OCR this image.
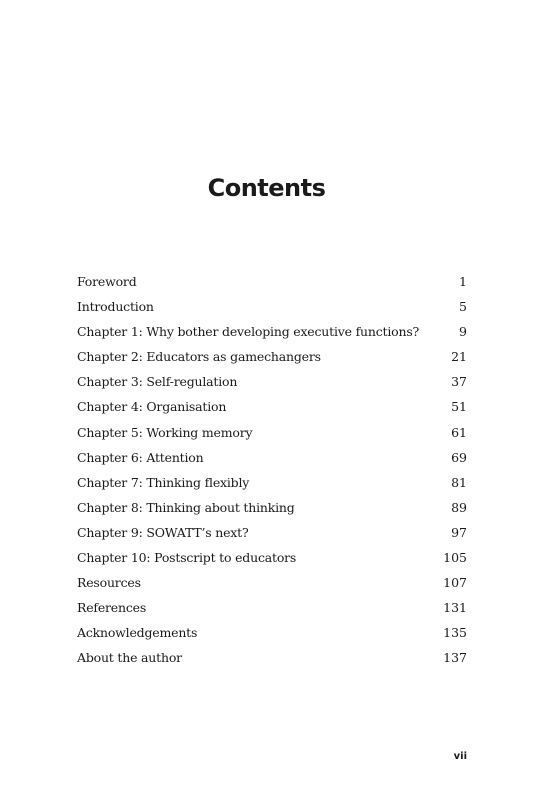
Contents
Foreword	1
Introduction	5
Chapter 1: Why bother developing executive functions?	9
Chapter 2: Educators as gamechangers	21
Chapter 3: Self-regulation	37
Chapter 4: Organisation	51
Chapter 5: Working memory	61
Chapter 6: Attention	69
Chapter 7: Thinking flexibly	81
Chapter 8: Thinking about thinking	89
Chapter 9: SOWATT’s next?	97
Chapter 10: Postscript to educators	105
Resources	107
References	131
Acknowledgements	135
About the author	137
vii
